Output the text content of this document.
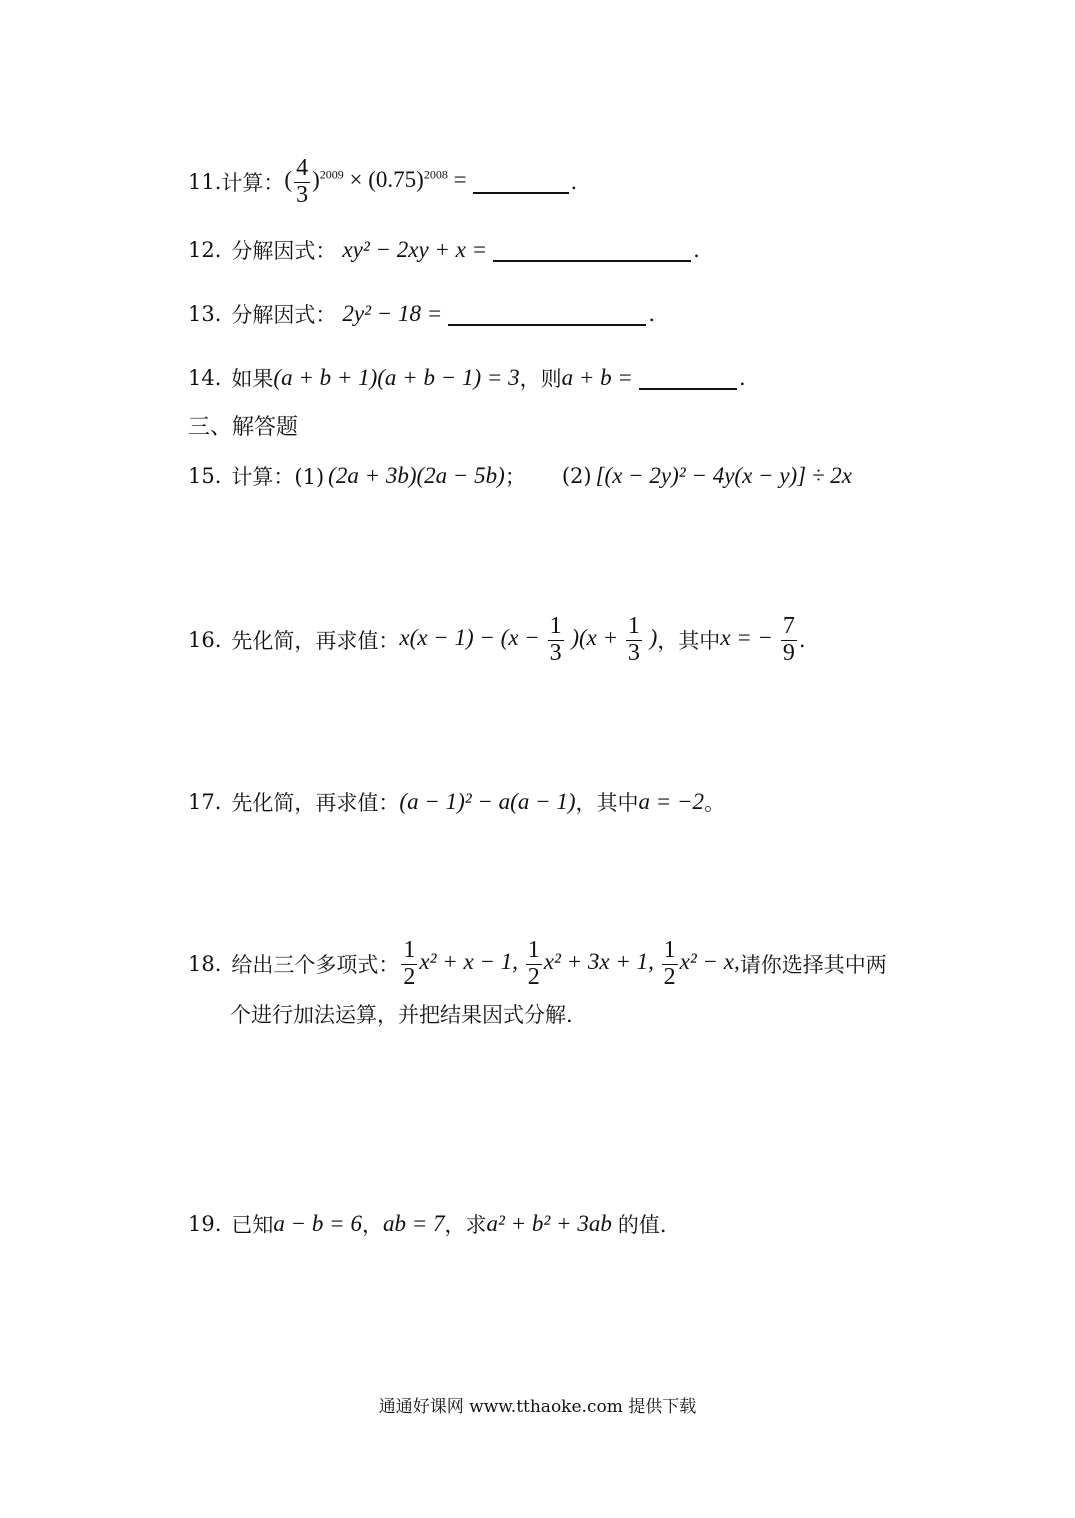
11. 计算： ( $\frac{4}{3} )^{2009} \times (0.75)^{2008}$ =	.
12. 分解因式： xy² − 2xy + x =	.
13. 分解因式： 2y² − 18 =	.
14. 如果 (a + b + 1)(a + b − 1) = 3 ，则 a + b =	.
三、解答题
15. 计算：(1) (2a + 3b)(2a − 5b) ； (2) [(x − 2y)² − 4y(x − y)] ÷ 2x
16. 先化简，再求值： $x(x - 1) - (x - \frac{1}{3} )(x + \frac{1}{3}$ ) ，其中 x = − $\frac{7}{9}$ .
17. 先化简，再求值： (a − 1)² − a(a − 1) ，其中 a = −2 。
18. 给出三个多项式： $\frac{1}{2} x^2 + x - 1$, $\frac{1}{2} x^2 + 3x + 1$, $\frac{1}{2} x^2 - x$, 请你选择其中两
个进行加法运算，并把结果因式分解.
19. 已知 a − b = 6 ， ab = 7 ，求 a² + b² + 3ab 的值.
通通好课网 www.tthaoke.com 提供下载
